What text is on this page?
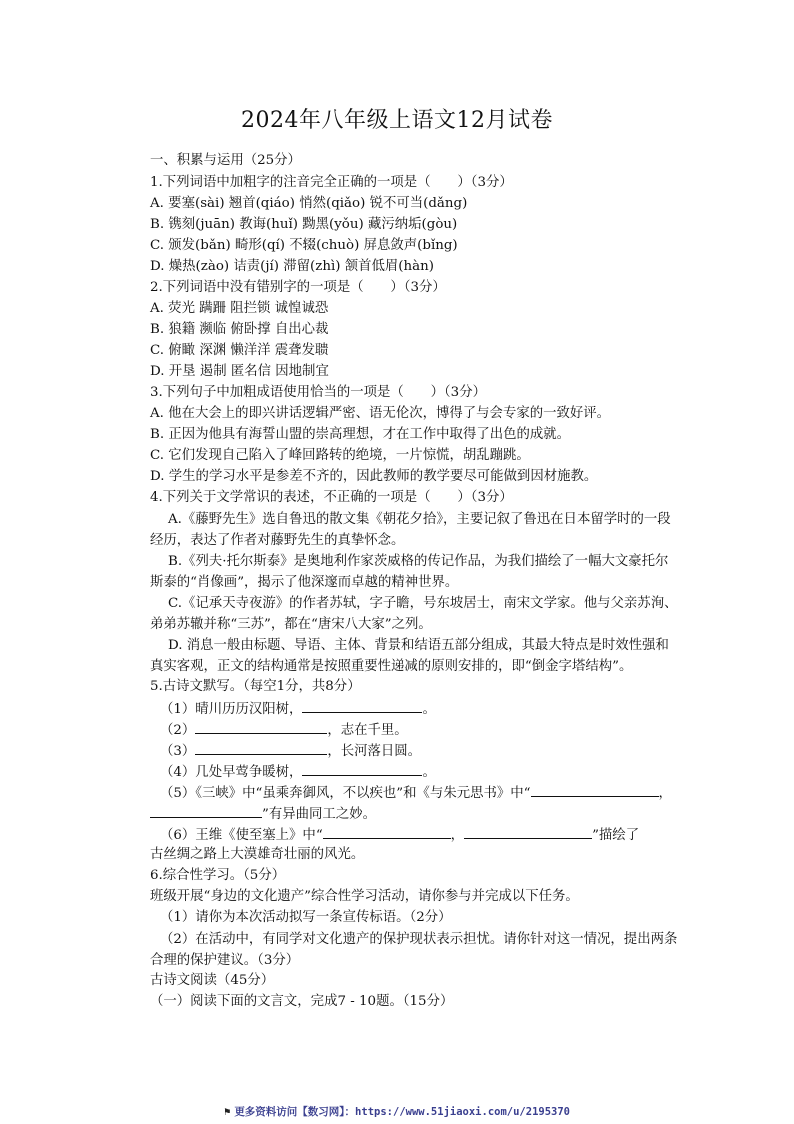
2024年八年级上语文12月试卷
一、积累与运用（25分）
1.下列词语中加粗字的注音完全正确的一项是（　　）（3分）
A. 要塞(sài) 翘首(qiáo) 悄然(qiǎo) 锐不可当(dǎng)
B. 镌刻(juān) 教诲(huǐ) 黝黑(yǒu) 藏污纳垢(gòu)
C. 颁发(bǎn) 畸形(qí) 不辍(chuò) 屏息敛声(bǐng)
D. 燥热(zào) 诘责(jí) 滞留(zhì) 颔首低眉(hàn)
2.下列词语中没有错别字的一项是（　　）（3分）
A. 荧光 蹒跚 阻拦锁 诚惶诚恐
B. 狼籍 濒临 俯卧撑 自出心裁
C. 俯瞰 深渊 懒洋洋 震聋发聩
D. 开垦 遏制 匿名信 因地制宜
3.下列句子中加粗成语使用恰当的一项是（　　）（3分）
A. 他在大会上的即兴讲话逻辑严密、语无伦次，博得了与会专家的一致好评。
B. 正因为他具有海誓山盟的崇高理想，才在工作中取得了出色的成就。
C. 它们发现自己陷入了峰回路转的绝境，一片惊慌，胡乱蹦跳。
D. 学生的学习水平是参差不齐的，因此教师的教学要尽可能做到因材施教。
4.下列关于文学常识的表述，不正确的一项是（　　）（3分）
A.《藤野先生》选自鲁迅的散文集《朝花夕拾》，主要记叙了鲁迅在日本留学时的一段经历，表达了作者对藤野先生的真挚怀念。
B.《列夫·托尔斯泰》是奥地利作家茨威格的传记作品，为我们描绘了一幅大文豪托尔斯泰的“肖像画”，揭示了他深邃而卓越的精神世界。
C.《记承天寺夜游》的作者苏轼，字子瞻，号东坡居士，南宋文学家。他与父亲苏洵、弟弟苏辙并称“三苏”，都在“唐宋八大家”之列。
D. 消息一般由标题、导语、主体、背景和结语五部分组成，其最大特点是时效性强和真实客观，正文的结构通常是按照重要性递减的原则安排的，即“倒金字塔结构”。
5.古诗文默写。（每空1分，共8分）
（1）晴川历历汉阳树，	。
（2）	，志在千里。
（3）	，长河落日圆。
（4）几处早莺争暖树，	。
（5）《三峡》中“虽乘奔御风，不以疾也”和《与朱元思书》中“	，
”有异曲同工之妙。
（6）王维《使至塞上》中“	，	”描绘了
古丝绸之路上大漠雄奇壮丽的风光。
6.综合性学习。（5分）
班级开展“身边的文化遗产”综合性学习活动，请你参与并完成以下任务。
（1）请你为本次活动拟写一条宣传标语。（2分）
（2）在活动中，有同学对文化遗产的保护现状表示担忧。请你针对这一情况，提出两条合理的保护建议。（3分）
古诗文阅读（45分）
（一）阅读下面的文言文，完成7 - 10题。（15分）
⚑ 更多资料访问【数习网】：https://www.51jiaoxi.com/u/2195370
